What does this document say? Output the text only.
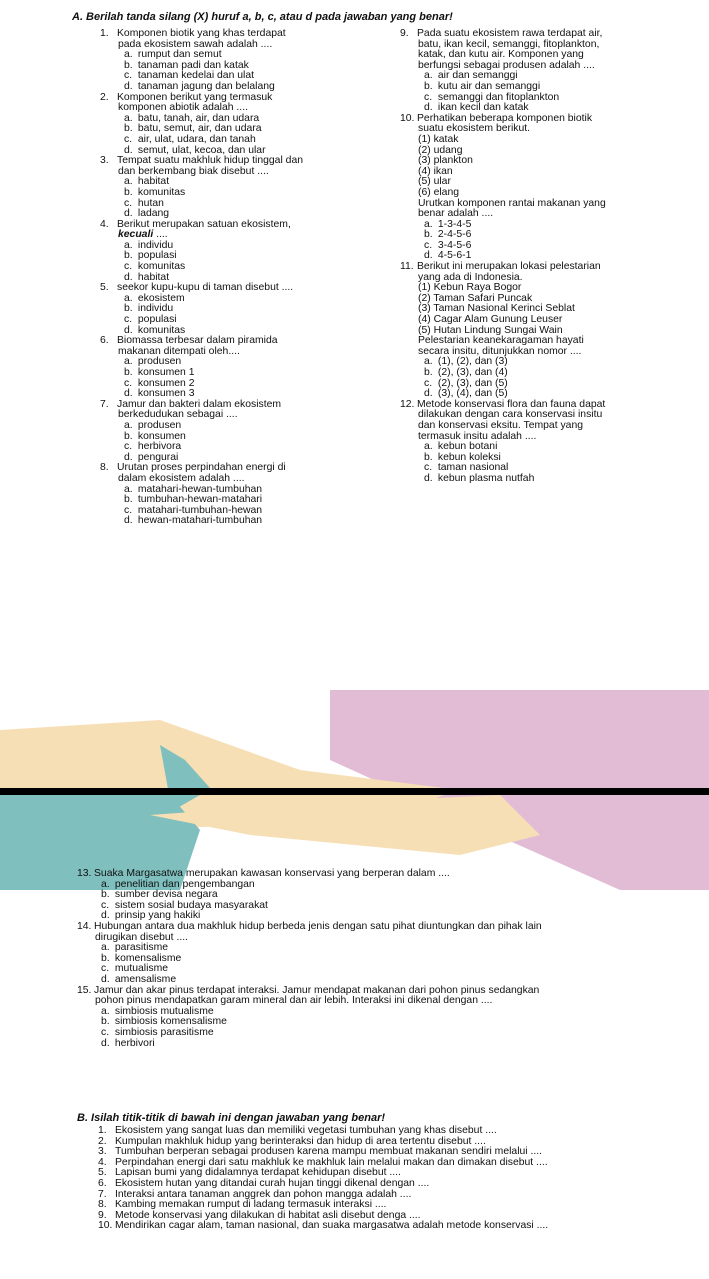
A. Berilah tanda silang (X) huruf a, b, c, atau d pada jawaban yang benar!
1. Komponen biotik yang khas terdapat
pada ekosistem sawah adalah ....
a. rumput dan semut
b. tanaman padi dan katak
c. tanaman kedelai dan ulat
d. tanaman jagung dan belalang
2. Komponen berikut yang termasuk
komponen abiotik adalah ....
a. batu, tanah, air, dan udara
b. batu, semut, air, dan udara
c. air, ulat, udara, dan tanah
d. semut, ulat, kecoa, dan ular
3. Tempat suatu makhluk hidup tinggal dan
dan berkembang biak disebut ....
a. habitat
b. komunitas
c. hutan
d. ladang
4. Berikut merupakan satuan ekosistem,
kecuali ....
a. individu
b. populasi
c. komunitas
d. habitat
5. seekor kupu-kupu di taman disebut ....
a. ekosistem
b. individu
c. populasi
d. komunitas
6. Biomassa terbesar dalam piramida
makanan ditempati oleh....
a. produsen
b. konsumen 1
c. konsumen 2
d. konsumen 3
7. Jamur dan bakteri dalam ekosistem
berkedudukan sebagai ....
a. produsen
b. konsumen
c. herbivora
d. pengurai
8. Urutan proses perpindahan energi di
dalam ekosistem adalah ....
a. matahari-hewan-tumbuhan
b. tumbuhan-hewan-matahari
c. matahari-tumbuhan-hewan
d. hewan-matahari-tumbuhan
9. Pada suatu ekosistem rawa terdapat air,
batu, ikan kecil, semanggi, fitoplankton,
katak, dan kutu air. Komponen yang
berfungsi sebagai produsen adalah ....
a. air dan semanggi
b. kutu air dan semanggi
c. semanggi dan fitoplankton
d. ikan kecil dan katak
10. Perhatikan beberapa komponen biotik
suatu ekosistem berikut.
(1) katak
(2) udang
(3) plankton
(4) ikan
(5) ular
(6) elang
Urutkan komponen rantai makanan yang
benar adalah ....
a. 1-3-4-5
b. 2-4-5-6
c. 3-4-5-6
d. 4-5-6-1
11. Berikut ini merupakan lokasi pelestarian
yang ada di Indonesia.
(1) Kebun Raya Bogor
(2) Taman Safari Puncak
(3) Taman Nasional Kerinci Seblat
(4) Cagar Alam Gunung Leuser
(5) Hutan Lindung Sungai Wain
Pelestarian keanekaragaman hayati
secara insitu, ditunjukkan nomor ....
a. (1), (2), dan (3)
b. (2), (3), dan (4)
c. (2), (3), dan (5)
d. (3), (4), dan (5)
12. Metode konservasi flora dan fauna dapat
dilakukan dengan cara konservasi insitu
dan konservasi eksitu. Tempat yang
termasuk insitu adalah ....
a. kebun botani
b. kebun koleksi
c. taman nasional
d. kebun plasma nutfah
13. Suaka Margasatwa merupakan kawasan konservasi yang berperan dalam ....
a. penelitian dan pengembangan
b. sumber devisa negara
c. sistem sosial budaya masyarakat
d. prinsip yang hakiki
14. Hubungan antara dua makhluk hidup berbeda jenis dengan satu pihat diuntungkan dan pihak lain
dirugikan disebut ....
a. parasitisme
b. komensalisme
c. mutualisme
d. amensalisme
15. Jamur dan akar pinus terdapat interaksi. Jamur mendapat makanan dari pohon pinus sedangkan
pohon pinus mendapatkan garam mineral dan air lebih. Interaksi ini dikenal dengan ....
a. simbiosis mutualisme
b. simbiosis komensalisme
c. simbiosis parasitisme
d. herbivori
B. Isilah titik-titik di bawah ini dengan jawaban yang benar!
1. Ekosistem yang sangat luas dan memiliki vegetasi tumbuhan yang khas disebut ....
2. Kumpulan makhluk hidup yang berinteraksi dan hidup di area tertentu disebut ....
3. Tumbuhan berperan sebagai produsen karena mampu membuat makanan sendiri melalui ....
4. Perpindahan energi dari satu makhluk ke makhluk lain melalui makan dan dimakan disebut ....
5. Lapisan bumi yang didalamnya terdapat kehidupan disebut ....
6. Ekosistem hutan yang ditandai curah hujan tinggi dikenal dengan ....
7. Interaksi antara tanaman anggrek dan pohon mangga adalah ....
8. Kambing memakan rumput di ladang termasuk interaksi ....
9. Metode konservasi yang dilakukan di habitat asli disebut denga ....
10. Mendirikan cagar alam, taman nasional, dan suaka margasatwa adalah metode konservasi ....
